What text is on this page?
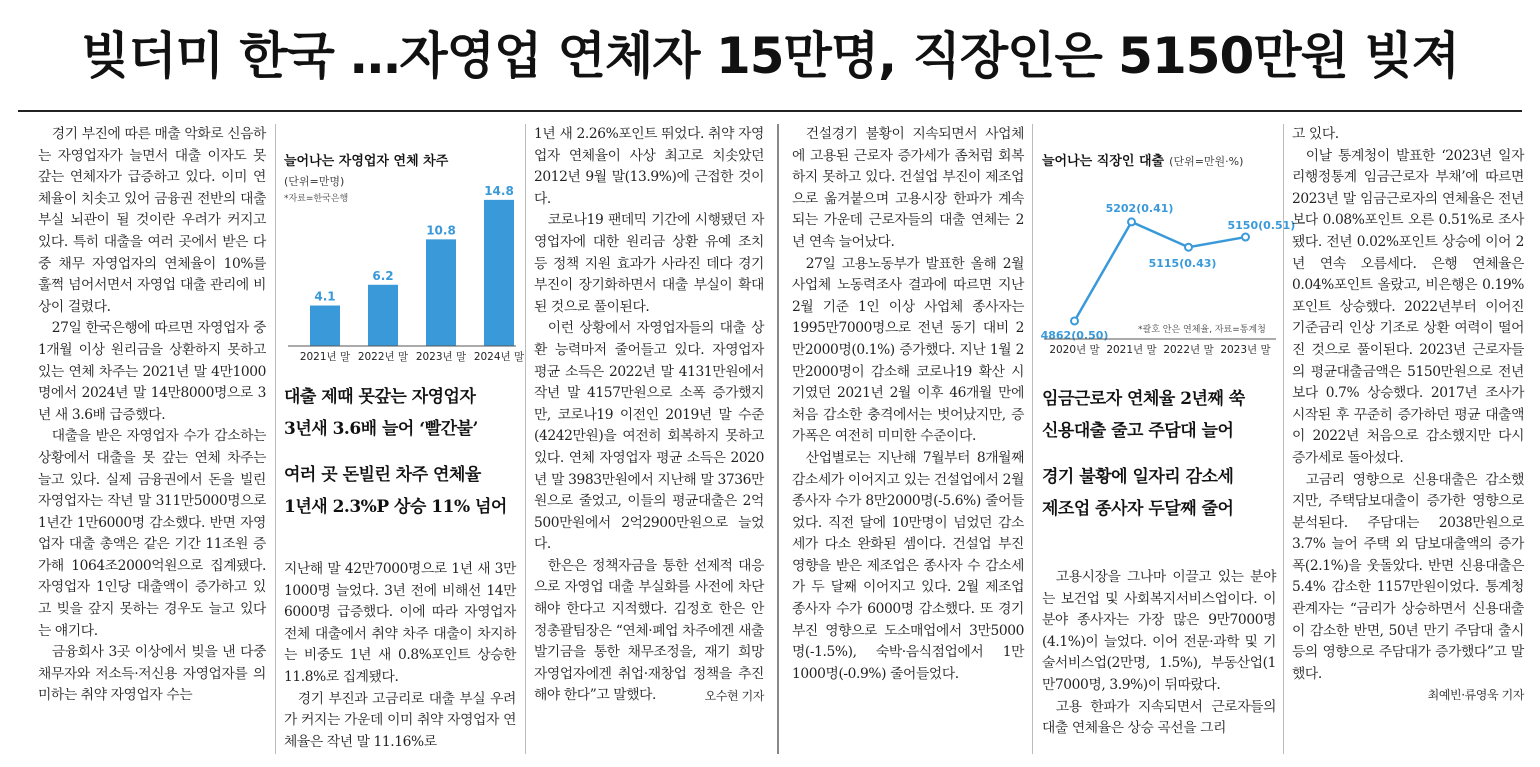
빚더미 한국 …자영업 연체자 15만명, 직장인은 5150만원 빚져

경기 부진에 따른 매출 악화로 신음하는 자영업자가 늘면서 대출 이자도 못 갚는 연체자가 급증하고 있다. 이미 연체율이 치솟고 있어 금융권 전반의 대출 부실 뇌관이 될 것이란 우려가 커지고 있다. 특히 대출을 여러 곳에서 받은 다중 채무 자영업자의 연체율이 10%를 훌쩍 넘어서면서 자영업 대출 관리에 비상이 걸렸다.

27일 한국은행에 따르면 자영업자 중 1개월 이상 원리금을 상환하지 못하고 있는 연체 차주는 2021년 말 4만1000명에서 2024년 말 14만8000명으로 3년 새 3.6배 급증했다.

대출을 받은 자영업자 수가 감소하는 상황에서 대출을 못 갚는 연체 차주는 늘고 있다. 실제 금융권에서 돈을 빌린 자영업자는 작년 말 311만5000명으로 1년간 1만6000명 감소했다. 반면 자영업자 대출 총액은 같은 기간 11조원 증가해 1064조2000억원으로 집계됐다. 자영업자 1인당 대출액이 증가하고 있고 빚을 갚지 못하는 경우도 늘고 있다는 얘기다.

금융회사 3곳 이상에서 빚을 낸 다중 채무자와 저소득·저신용 자영업자를 의미하는 취약 자영업자 수는

늘어나는 자영업자 연체 차주
(단위=만명)
*자료=한국은행
4.1
2021년 말
6.2
2022년 말
10.8
2023년 말
14.8
2024년 말
대출 제때 못갚는 자영업자
3년새 3.6배 늘어 ‘빨간불’
여러 곳 돈빌린 차주 연체율
1년새 2.3%P 상승 11% 넘어

지난해 말 42만7000명으로 1년 새 3만1000명 늘었다. 3년 전에 비해선 14만6000명 급증했다. 이에 따라 자영업자 전체 대출에서 취약 차주 대출이 차지하는 비중도 1년 새 0.8%포인트 상승한 11.8%로 집계됐다.

경기 부진과 고금리로 대출 부실 우려가 커지는 가운데 이미 취약 자영업자 연체율은 작년 말 11.16%로

1년 새 2.26%포인트 뛰었다. 취약 자영업자 연체율이 사상 최고로 치솟았던 2012년 9월 말(13.9%)에 근접한 것이다.

코로나19 팬데믹 기간에 시행됐던 자영업자에 대한 원리금 상환 유예 조치 등 정책 지원 효과가 사라진 데다 경기 부진이 장기화하면서 대출 부실이 확대된 것으로 풀이된다.

이런 상황에서 자영업자들의 대출 상환 능력마저 줄어들고 있다. 자영업자 평균 소득은 2022년 말 4131만원에서 작년 말 4157만원으로 소폭 증가했지만, 코로나19 이전인 2019년 말 수준(4242만원)을 여전히 회복하지 못하고 있다. 연체 자영업자 평균 소득은 2020년 말 3983만원에서 지난해 말 3736만원으로 줄었고, 이들의 평균대출은 2억500만원에서 2억2900만원으로 늘었다.

한은은 정책자금을 통한 선제적 대응으로 자영업 대출 부실화를 사전에 차단해야 한다고 지적했다. 김정호 한은 안정총괄팀장은 “연체·폐업 차주에겐 새출발기금을 통한 채무조정을, 재기 희망 자영업자에겐 취업·재창업 정책을 추진해야 한다”고 말했다.	오수현 기자

건설경기 불황이 지속되면서 사업체에 고용된 근로자 증가세가 좀처럼 회복하지 못하고 있다. 건설업 부진이 제조업으로 옮겨붙으며 고용시장 한파가 계속되는 가운데 근로자들의 대출 연체는 2년 연속 늘어났다.

27일 고용노동부가 발표한 올해 2월 사업체 노동력조사 결과에 따르면 지난 2월 기준 1인 이상 사업체 종사자는 1995만7000명으로 전년 동기 대비 2만2000명(0.1%) 증가했다. 지난 1월 2만2000명이 감소해 코로나19 확산 시기였던 2021년 2월 이후 46개월 만에 처음 감소한 충격에서는 벗어났지만, 증가폭은 여전히 미미한 수준이다.

산업별로는 지난해 7월부터 8개월째 감소세가 이어지고 있는 건설업에서 2월 종사자 수가 8만2000명(-5.6%) 줄어들었다. 직전 달에 10만명이 넘었던 감소세가 다소 완화된 셈이다. 건설업 부진 영향을 받은 제조업은 종사자 수 감소세가 두 달째 이어지고 있다. 2월 제조업 종사자 수가 6000명 감소했다. 또 경기 부진 영향으로 도소매업에서 3만5000명(-1.5%), 숙박·음식점업에서 1만1000명(-0.9%) 줄어들었다.

늘어나는 직장인 대출 (단위=만원·%)
4862(0.50)
2020년 말
5202(0.41)
2021년 말
5115(0.43)
2022년 말
5150(0.51)
2023년 말
*괄호 안은 연체율, 자료=통계청
임금근로자 연체율 2년째 쑥
신용대출 줄고 주담대 늘어
경기 불황에 일자리 감소세
제조업 종사자 두달째 줄어

고용시장을 그나마 이끌고 있는 분야는 보건업 및 사회복지서비스업이다. 이 분야 종사자는 가장 많은 9만7000명(4.1%)이 늘었다. 이어 전문·과학 및 기술서비스업(2만명, 1.5%), 부동산업(1만7000명, 3.9%)이 뒤따랐다.

고용 한파가 지속되면서 근로자들의 대출 연체율은 상승 곡선을 그리

고 있다.

이날 통계청이 발표한 ‘2023년 일자리행정통계 임금근로자 부채’에 따르면 2023년 말 임금근로자의 연체율은 전년보다 0.08%포인트 오른 0.51%로 조사됐다. 전년 0.02%포인트 상승에 이어 2년 연속 오름세다. 은행 연체율은 0.04%포인트 올랐고, 비은행은 0.19%포인트 상승했다. 2022년부터 이어진 기준금리 인상 기조로 상환 여력이 떨어진 것으로 풀이된다. 2023년 근로자들의 평균대출금액은 5150만원으로 전년보다 0.7% 상승했다. 2017년 조사가 시작된 후 꾸준히 증가하던 평균 대출액이 2022년 처음으로 감소했지만 다시 증가세로 돌아섰다.

고금리 영향으로 신용대출은 감소했지만, 주택담보대출이 증가한 영향으로 분석된다. 주담대는 2038만원으로 3.7% 늘어 주택 외 담보대출액의 증가폭(2.1%)을 웃돌았다. 반면 신용대출은 5.4% 감소한 1157만원이었다. 통계청 관계자는 “금리가 상승하면서 신용대출이 감소한 반면, 50년 만기 주담대 출시 등의 영향으로 주담대가 증가했다”고 말했다.

최예빈·류영욱 기자
